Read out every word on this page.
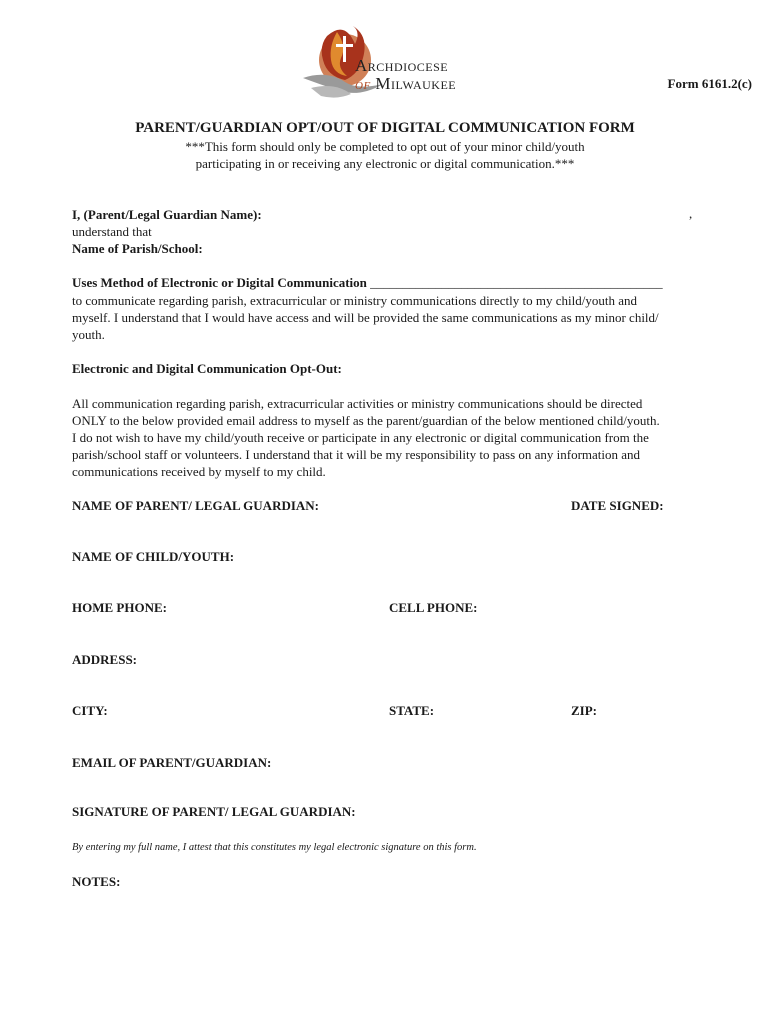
Archdiocese
of Milwaukee	Form 6161.2(c)
PARENT/GUARDIAN OPT/OUT OF DIGITAL COMMUNICATION FORM
***This form should only be completed to opt out of your minor child/youth
participating in or receiving any electronic or digital communication.***
I, (Parent/Legal Guardian Name):	,
understand that
Name of Parish/School:
Uses Method of Electronic or Digital Communication _____________________________________________
to communicate regarding parish, extracurricular or ministry communications directly to my child/youth and
myself. I understand that I would have access and will be provided the same communications as my minor child/
youth.
Electronic and Digital Communication Opt-Out:
All communication regarding parish, extracurricular activities or ministry communications should be directed
ONLY to the below provided email address to myself as the parent/guardian of the below mentioned child/youth.
I do not wish to have my child/youth receive or participate in any electronic or digital communication from the
parish/school staff or volunteers. I understand that it will be my responsibility to pass on any information and
communications received by myself to my child.
NAME OF PARENT/ LEGAL GUARDIAN:	DATE SIGNED:
NAME OF CHILD/YOUTH:
HOME PHONE:	CELL PHONE:
ADDRESS:
CITY:	STATE:	ZIP:
EMAIL OF PARENT/GUARDIAN:
SIGNATURE OF PARENT/ LEGAL GUARDIAN:
By entering my full name, I attest that this constitutes my legal electronic signature on this form.
NOTES:
